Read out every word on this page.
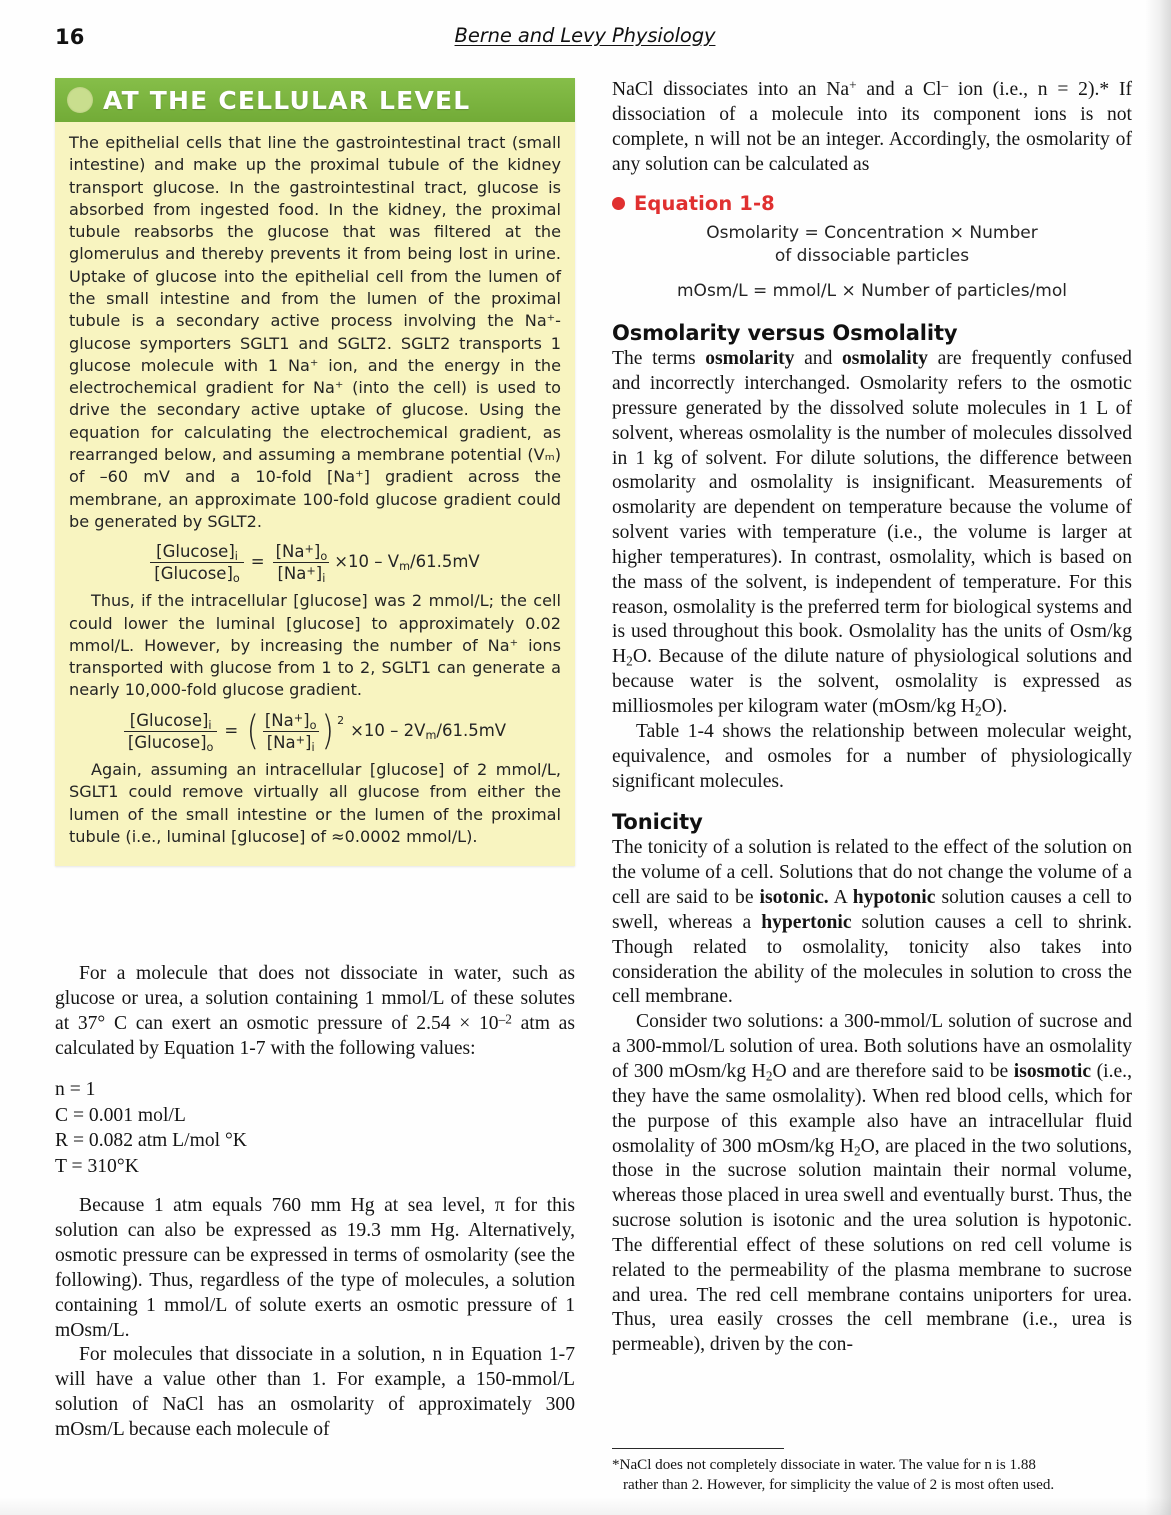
16	Berne and Levy Physiology
AT THE CELLULAR LEVEL

The epithelial cells that line the gastrointestinal tract (small intestine) and make up the proximal tubule of the kidney transport glucose. In the gastrointestinal tract, glucose is absorbed from ingested food. In the kidney, the proximal tubule reabsorbs the glucose that was filtered at the glomerulus and thereby prevents it from being lost in urine. Uptake of glucose into the epithelial cell from the lumen of the small intestine and from the lumen of the proximal tubule is a secondary active process involving the Na⁺-glucose symporters SGLT1 and SGLT2. SGLT2 transports 1 glucose molecule with 1 Na⁺ ion, and the energy in the electrochemical gradient for Na⁺ (into the cell) is used to drive the secondary active uptake of glucose. Using the equation for calculating the electrochemical gradient, as rearranged below, and assuming a membrane potential (Vₘ) of –60 mV and a 10-fold [Na⁺] gradient across the membrane, an approximate 100-fold glucose gradient could be generated by SGLT2.

$\frac{[Glucose]_i}{[Glucose]_o} = \frac{[Na^+]_o}{[Na^+]_i} \times 10 - V_m/61.5mV$

Thus, if the intracellular [glucose] was 2 mmol/L; the cell could lower the luminal [glucose] to approximately 0.02 mmol/L. However, by increasing the number of Na⁺ ions transported with glucose from 1 to 2, SGLT1 can generate a nearly 10,000-fold glucose gradient.

$\frac{[Glucose]_i}{[Glucose]_o}$ = ( $\frac{[Na^+]_o}{[Na^+]_i}$ ) 2
$\times 10 - 2V_m/61.5mV$

Again, assuming an intracellular [glucose] of 2 mmol/L, SGLT1 could remove virtually all glucose from either the lumen of the small intestine or the lumen of the proximal tubule (i.e., luminal [glucose] of ≈0.0002 mmol/L).

For a molecule that does not dissociate in water, such as glucose or urea, a solution containing 1 mmol/L of these solutes at 37° C can exert an osmotic pressure of $2.54 \times 10^{-2}$ atm as calculated by Equation 1-7 with the following values:

n = 1
C = 0.001 mol/L
R = 0.082 atm L/mol °K
T = 310°K

Because 1 atm equals 760 mm Hg at sea level, π for this solution can also be expressed as 19.3 mm Hg. Alternatively, osmotic pressure can be expressed in terms of osmolarity (see the following). Thus, regardless of the type of molecules, a solution containing 1 mmol/L of solute exerts an osmotic pressure of 1 mOsm/L.

For molecules that dissociate in a solution, n in Equation 1-7 will have a value other than 1. For example, a 150-mmol/L solution of NaCl has an osmolarity of approximately 300 mOsm/L because each molecule of

NaCl dissociates into an Na+ and a Cl– ion (i.e., n = 2).* If dissociation of a molecule into its component ions is not complete, n will not be an integer. Accordingly, the osmolarity of any solution can be calculated as

Equation 1-8
Osmolarity = Concentration × Number
of dissociable particles
mOsm/L = mmol/L × Number of particles/mol
Osmolarity versus Osmolality

The terms osmolarity and osmolality are frequently confused and incorrectly interchanged. Osmolarity refers to the osmotic pressure generated by the dissolved solute molecules in 1 L of solvent, whereas osmolality is the number of molecules dissolved in 1 kg of solvent. For dilute solutions, the difference between osmolarity and osmolality is insignificant. Measurements of osmolarity are dependent on temperature because the volume of solvent varies with temperature (i.e., the volume is larger at higher temperatures). In contrast, osmolality, which is based on the mass of the solvent, is independent of temperature. For this reason, osmolality is the preferred term for biological systems and is used throughout this book. Osmolality has the units of Osm/kg $H_2O$. Because of the dilute nature of physiological solutions and because water is the solvent, osmolality is expressed as milliosmoles per kilogram water (mOsm/kg $H_2O$).

Table 1-4 shows the relationship between molecular weight, equivalence, and osmoles for a number of physiologically significant molecules.

Tonicity

The tonicity of a solution is related to the effect of the solution on the volume of a cell. Solutions that do not change the volume of a cell are said to be isotonic. A hypotonic solution causes a cell to swell, whereas a hypertonic solution causes a cell to shrink. Though related to osmolality, tonicity also takes into consideration the ability of the molecules in solution to cross the cell membrane.

Consider two solutions: a 300-mmol/L solution of sucrose and a 300-mmol/L solution of urea. Both solutions have an osmolality of 300 mOsm/kg $H_2O$ and are therefore said to be isosmotic (i.e., they have the same osmolality). When red blood cells, which for the purpose of this example also have an intracellular fluid osmolality of 300 mOsm/kg $H_2O$, are placed in the two solutions, those in the sucrose solution maintain their normal volume, whereas those placed in urea swell and eventually burst. Thus, the sucrose solution is isotonic and the urea solution is hypotonic. The differential effect of these solutions on red cell volume is related to the permeability of the plasma membrane to sucrose and urea. The red cell membrane contains uniporters for urea. Thus, urea easily crosses the cell membrane (i.e., urea is permeable), driven by the con-

*NaCl does not completely dissociate in water. The value for n is 1.88
rather than 2. However, for simplicity the value of 2 is most often used.
